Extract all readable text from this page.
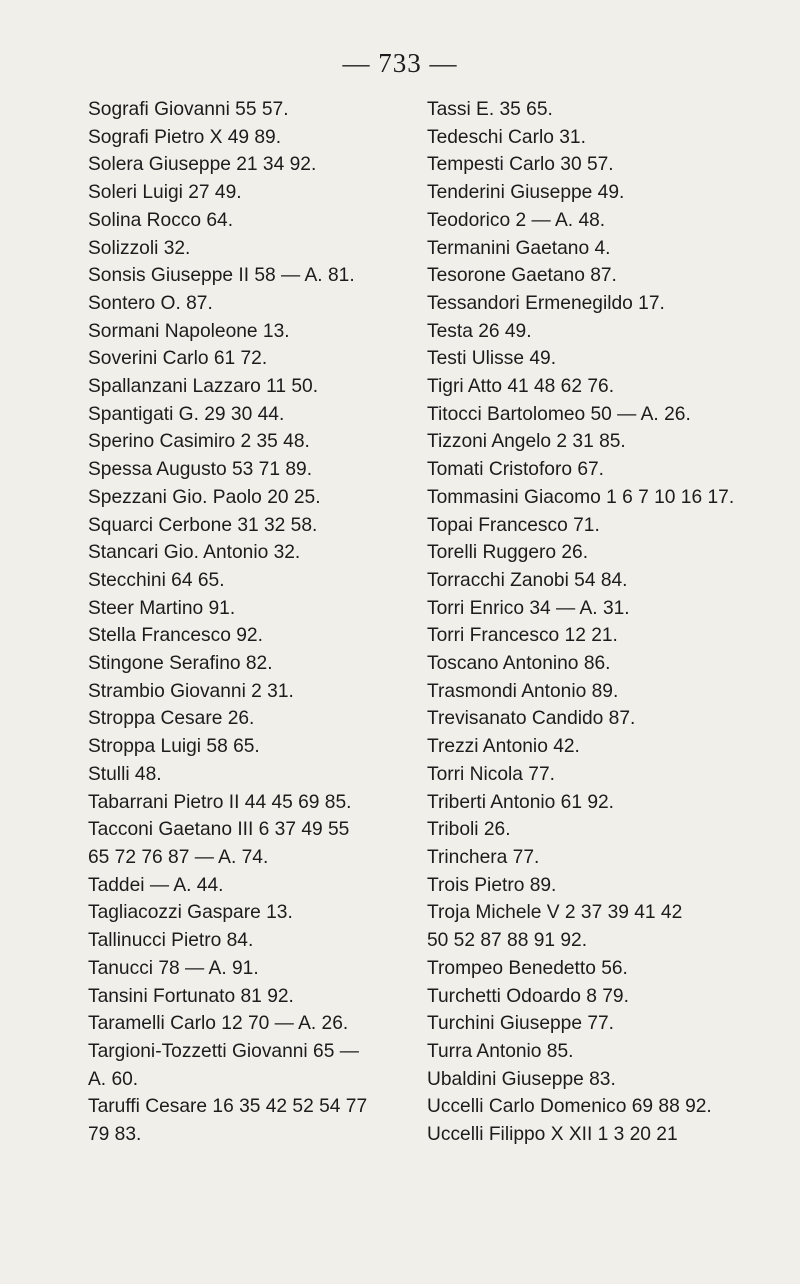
— 733 —
Sografi Giovanni 55 57.
Sografi Pietro X 49 89.
Solera Giuseppe 21 34 92.
Soleri Luigi 27 49.
Solina Rocco 64.
Solizzoli 32.
Sonsis Giuseppe II 58 — A. 81.
Sontero O. 87.
Sormani Napoleone 13.
Soverini Carlo 61 72.
Spallanzani Lazzaro 11 50.
Spantigati G. 29 30 44.
Sperino Casimiro 2 35 48.
Spessa Augusto 53 71 89.
Spezzani Gio. Paolo 20 25.
Squarci Cerbone 31 32 58.
Stancari Gio. Antonio 32.
Stecchini 64 65.
Steer Martino 91.
Stella Francesco 92.
Stingone Serafino 82.
Strambio Giovanni 2 31.
Stroppa Cesare 26.
Stroppa Luigi 58 65.
Stulli 48.
Tabarrani Pietro II 44 45 69 85.
Tacconi Gaetano III 6 37 49 55
65 72 76 87 — A. 74.
Taddei — A. 44.
Tagliacozzi Gaspare 13.
Tallinucci Pietro 84.
Tanucci 78 — A. 91.
Tansini Fortunato 81 92.
Taramelli Carlo 12 70 — A. 26.
Targioni-Tozzetti Giovanni 65 —
A. 60.
Taruffi Cesare 16 35 42 52 54 77
79 83.
Tassi E. 35 65.
Tedeschi Carlo 31.
Tempesti Carlo 30 57.
Tenderini Giuseppe 49.
Teodorico 2 — A. 48.
Termanini Gaetano 4.
Tesorone Gaetano 87.
Tessandori Ermenegildo 17.
Testa 26 49.
Testi Ulisse 49.
Tigri Atto 41 48 62 76.
Titocci Bartolomeo 50 — A. 26.
Tizzoni Angelo 2 31 85.
Tomati Cristoforo 67.
Tommasini Giacomo 1 6 7 10 16 17.
Topai Francesco 71.
Torelli Ruggero 26.
Torracchi Zanobi 54 84.
Torri Enrico 34 — A. 31.
Torri Francesco 12 21.
Toscano Antonino 86.
Trasmondi Antonio 89.
Trevisanato Candido 87.
Trezzi Antonio 42.
Torri Nicola 77.
Triberti Antonio 61 92.
Triboli 26.
Trinchera 77.
Trois Pietro 89.
Troja Michele V 2 37 39 41 42
50 52 87 88 91 92.
Trompeo Benedetto 56.
Turchetti Odoardo 8 79.
Turchini Giuseppe 77.
Turra Antonio 85.
Ubaldini Giuseppe 83.
Uccelli Carlo Domenico 69 88 92.
Uccelli Filippo X XII 1 3 20 21
